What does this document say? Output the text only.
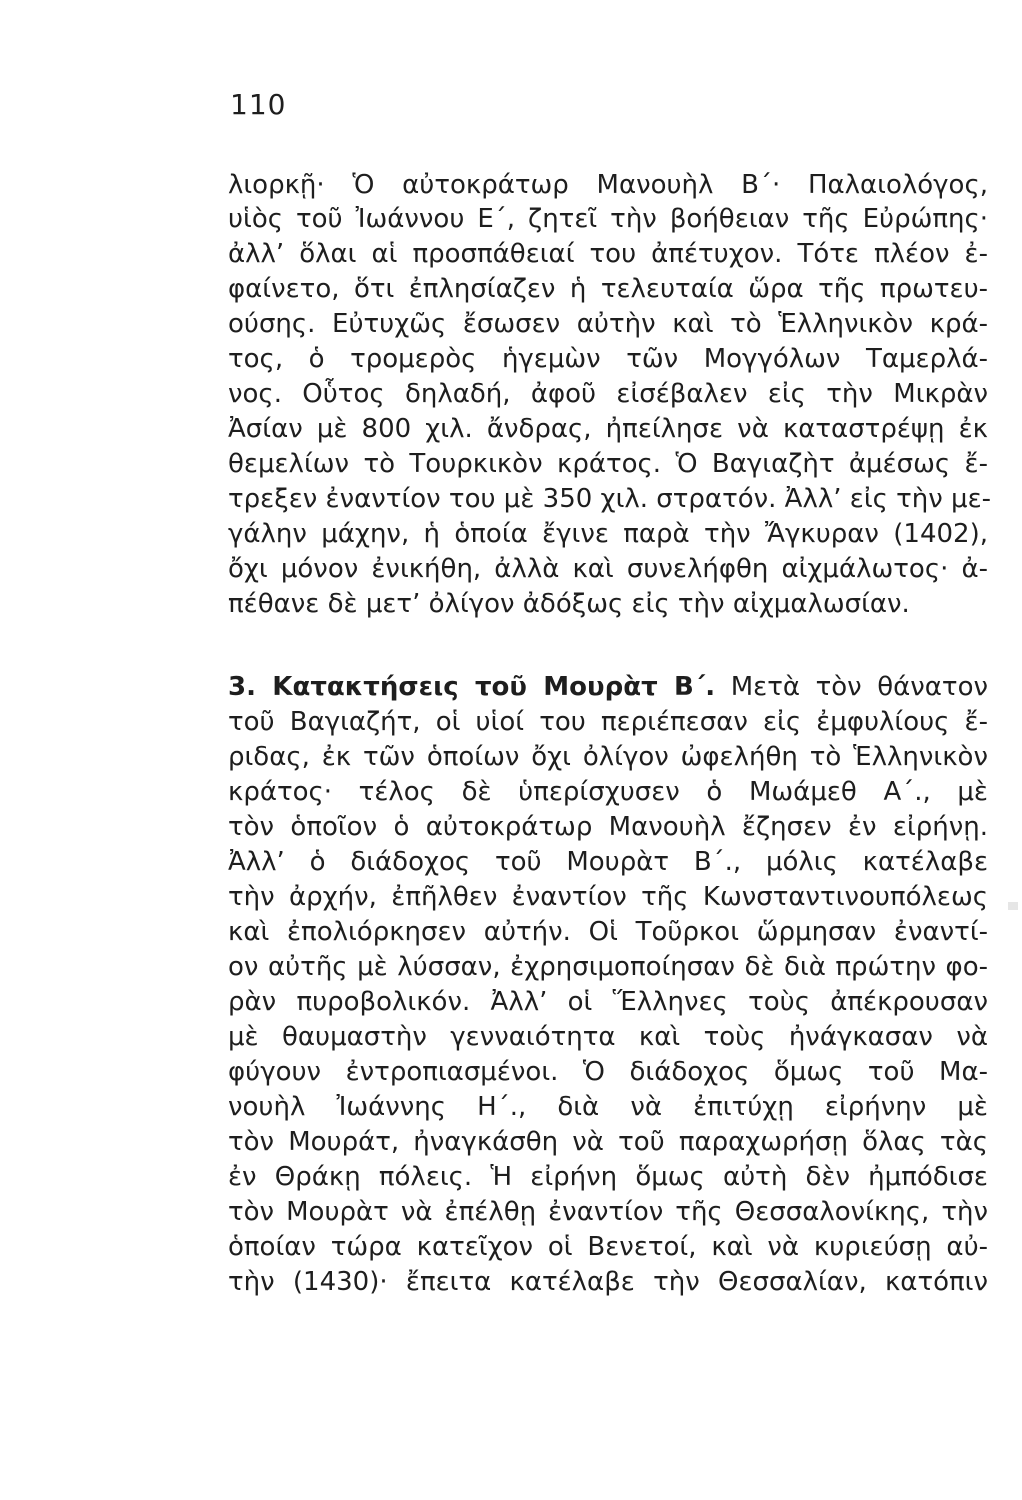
110
λιορκῇ· Ὁ αὐτοκράτωρ Μανουὴλ Β΄· Παλαιολόγος,
υἱὸς τοῦ Ἰωάννου Ε΄, ζητεῖ τὴν βοήθειαν τῆς Εὐρώπης·
ἀλλ’ ὅλαι αἱ προσπάθειαί του ἀπέτυχον. Τότε πλέον ἐ-
φαίνετο, ὅτι ἐπλησίαζεν ἡ τελευταία ὥρα τῆς πρωτευ-
ούσης. Εὐτυχῶς ἔσωσεν αὐτὴν καὶ τὸ Ἑλληνικὸν κρά-
τος, ὁ τρομερὸς ἡγεμὼν τῶν Μογγόλων Ταμερλά-
νος. Οὗτος δηλαδή, ἀφοῦ εἰσέβαλεν εἰς τὴν Μικρὰν
Ἀσίαν μὲ 800 χιλ. ἄνδρας, ἠπείλησε νὰ καταστρέψῃ ἐκ
θεμελίων τὸ Τουρκικὸν κράτος. Ὁ Βαγιαζὴτ ἀμέσως ἔ-
τρεξεν ἐναντίον του μὲ 350 χιλ. στρατόν. Ἀλλ’ εἰς τὴν με-
γάλην μάχην, ἡ ὁποία ἔγινε παρὰ τὴν Ἄγκυραν (1402),
ὄχι μόνον ἐνικήθη, ἀλλὰ καὶ συνελήφθη αἰχμάλωτος· ἀ-
πέθανε δὲ μετ’ ὀλίγον ἀδόξως εἰς τὴν αἰχμαλωσίαν.
3. Κατακτήσεις τοῦ Μουρὰτ Β΄. Μετὰ τὸν θάνατον
τοῦ Βαγιαζήτ, οἱ υἱοί του περιέπεσαν εἰς ἐμφυλίους ἔ-
ριδας, ἐκ τῶν ὁποίων ὄχι ὀλίγον ὠφελήθη τὸ Ἑλληνικὸν
κράτος· τέλος δὲ ὑπερίσχυσεν ὁ Μωάμεθ Α΄., μὲ
τὸν ὁποῖον ὁ αὐτοκράτωρ Μανουὴλ ἔζησεν ἐν εἰρήνῃ.
Ἀλλ’ ὁ διάδοχος τοῦ Μουρὰτ Β΄., μόλις κατέλαβε
τὴν ἀρχήν, ἐπῆλθεν ἐναντίον τῆς Κωνσταντινουπόλεως
καὶ ἐπολιόρκησεν αὐτήν. Οἱ Τοῦρκοι ὥρμησαν ἐναντί-
ον αὐτῆς μὲ λύσσαν, ἐχρησιμοποίησαν δὲ διὰ πρώτην φο-
ρὰν πυροβολικόν. Ἀλλ’ οἱ Ἕλληνες τοὺς ἀπέκρουσαν
μὲ θαυμαστὴν γενναιότητα καὶ τοὺς ἠνάγκασαν νὰ
φύγουν ἐντροπιασμένοι. Ὁ διάδοχος ὅμως τοῦ Μα-
νουὴλ Ἰωάννης Η΄., διὰ νὰ ἐπιτύχῃ εἰρήνην μὲ
τὸν Μουράτ, ἠναγκάσθη νὰ τοῦ παραχωρήσῃ ὅλας τὰς
ἐν Θράκῃ πόλεις. Ἡ εἰρήνη ὅμως αὐτὴ δὲν ἠμπόδισε
τὸν Μουρὰτ νὰ ἐπέλθῃ ἐναντίον τῆς Θεσσαλονίκης, τὴν
ὁποίαν τώρα κατεῖχον οἱ Βενετοί, καὶ νὰ κυριεύσῃ αὐ-
τὴν (1430)· ἔπειτα κατέλαβε τὴν Θεσσαλίαν, κατόπιν
